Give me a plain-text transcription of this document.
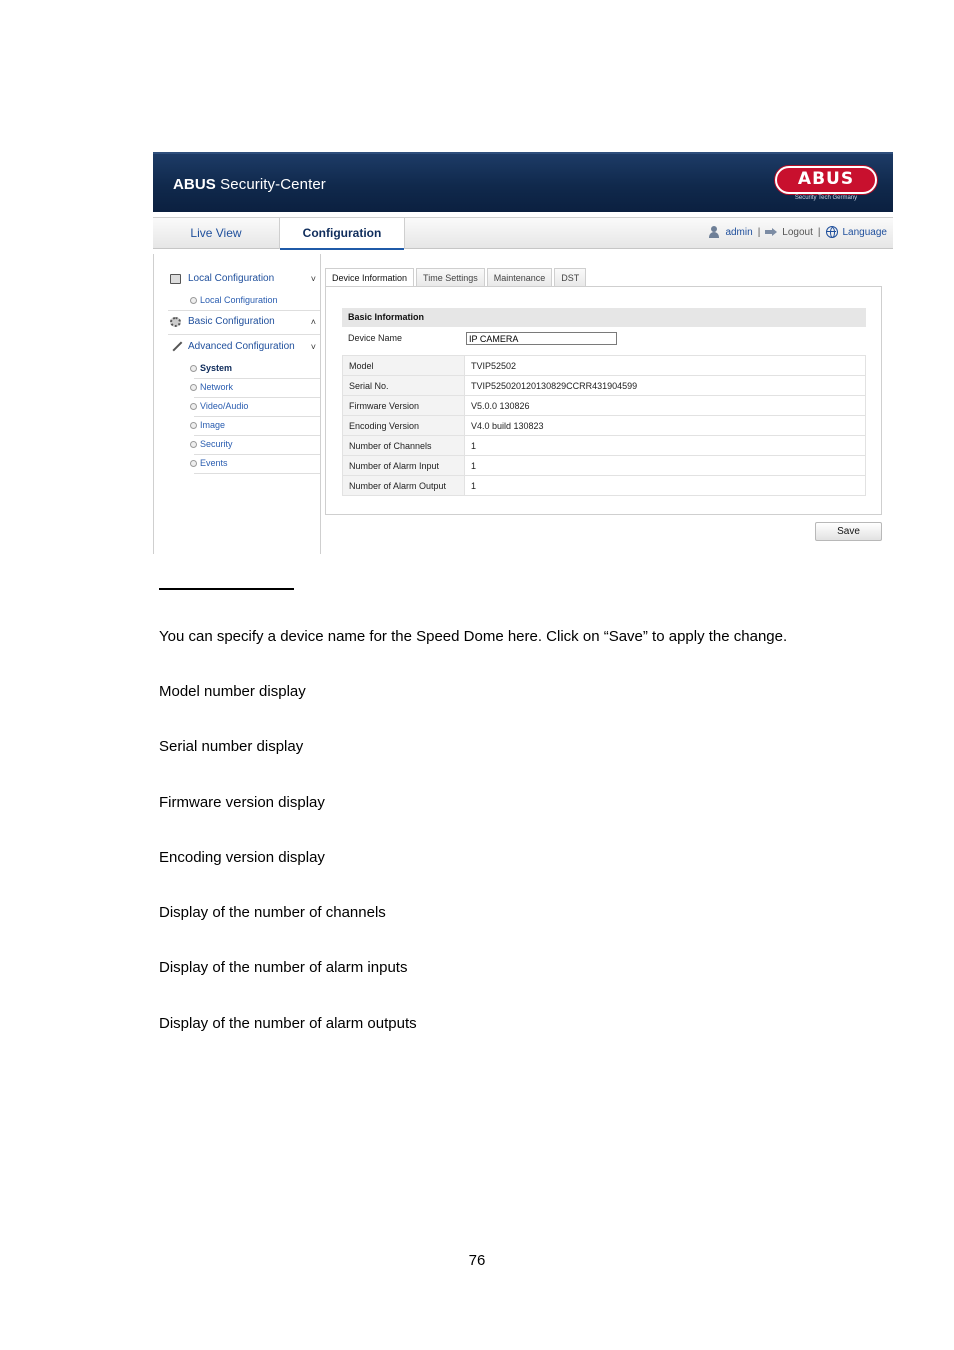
ABUS Security-Center	ABUS
Security Tech Germany
Live View	Configuration	admin | Logout | Language
Local Configuration	˅
Local Configuration
Basic Configuration	˄
Advanced Configuration ˅
System
Network
Video/Audio
Image
Security
Events
Device Information	Time Settings	Maintenance	DST
Basic Information
Device Name
IP CAMERA
Model	TVIP52502
Serial No.	TVIP525020120130829CCRR431904599
Firmware Version	V5.0.0 130826
Encoding Version	V4.0 build 130823
Number of Channels	1
Number of Alarm Input	1
Number of Alarm Output	1
Save
You can specify a device name for the Speed Dome here. Click on “Save” to apply the change.
Model number display
Serial number display
Firmware version display
Encoding version display
Display of the number of channels
Display of the number of alarm inputs
Display of the number of alarm outputs
76
